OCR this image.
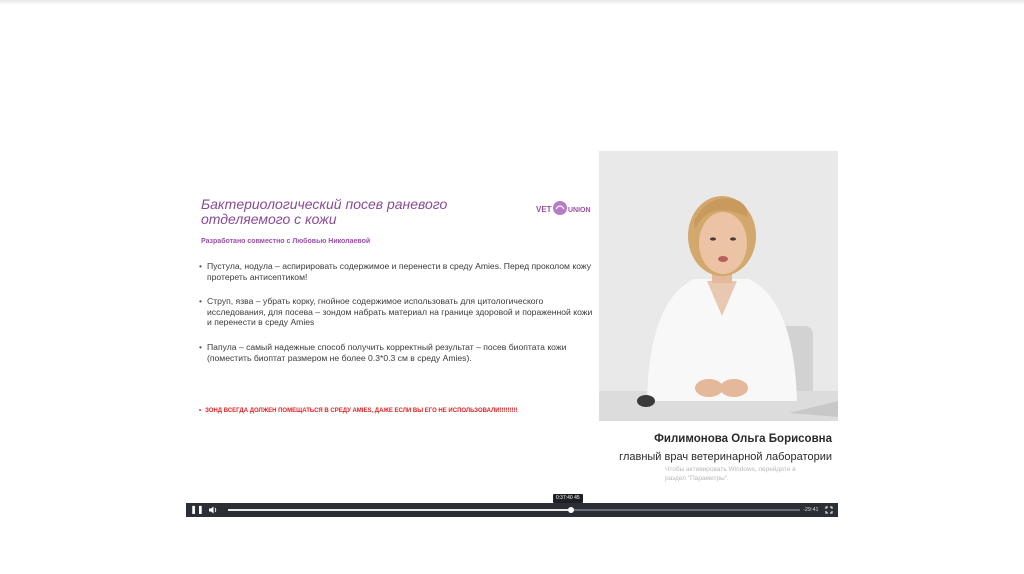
Бактериологический посев раневого отделяемого с кожи
VET UNION
Разработано совместно с Любовью Николаевой
• Пустула, нодула – аспирировать содержимое и перенести в среду Amies. Перед проколом кожу протереть антисептиком!
• Струп, язва – убрать корку, гнойное содержимое использовать для цитологического исследования, для посева – зондом набрать материал на границе здоровой и пораженной кожи и перенести в среду Amies
• Папула – самый надежные способ получить корректный результат – посев биоптата кожи (поместить биоптат размером не более 0.3*0.3 см в среду Amies).
• ЗОНД ВСЕГДА ДОЛЖЕН ПОМЕЩАТЬСЯ В СРЕДУ AMIES, ДАЖЕ ЕСЛИ ВЫ ЕГО НЕ ИСПОЛЬЗОВАЛИ!!!!!!!!!
Филимонова Ольга Борисовна
главный врач ветеринарной лаборатории
Чтобы активировать Windows, перейдите в
раздел "Параметры".
0:37:40 45
❚❚	-29:41
